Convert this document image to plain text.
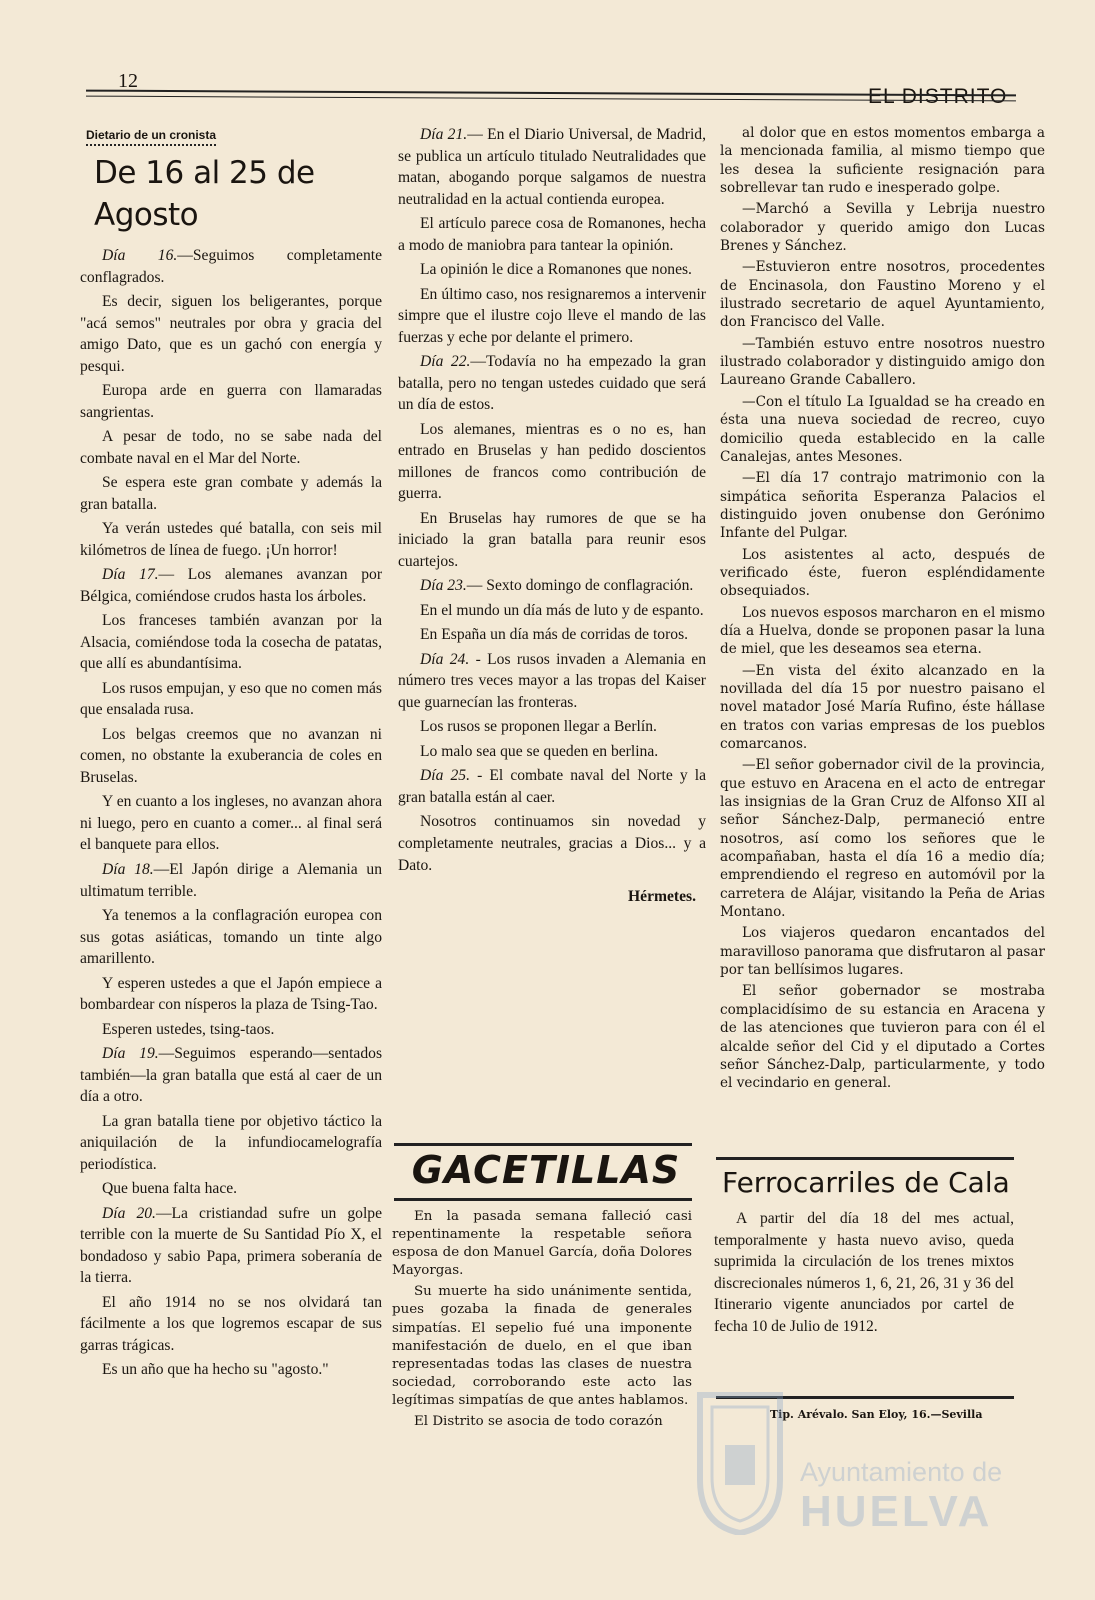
12
EL DISTRITO
Dietario de un cronista
De 16 al 25 de Agosto

Día 16.—Seguimos completamente conflagrados.

Es decir, siguen los beligerantes, porque "acá semos" neutrales por obra y gracia del amigo Dato, que es un gachó con energía y pesqui.

Europa arde en guerra con llamaradas sangrientas.

A pesar de todo, no se sabe nada del combate naval en el Mar del Norte.

Se espera este gran combate y además la gran batalla.

Ya verán ustedes qué batalla, con seis mil kilómetros de línea de fuego. ¡Un horror!

Día 17.— Los alemanes avanzan por Bélgica, comiéndose crudos hasta los árboles.

Los franceses también avanzan por la Alsacia, comiéndose toda la cosecha de patatas, que allí es abundantísima.

Los rusos empujan, y eso que no comen más que ensalada rusa.

Los belgas creemos que no avanzan ni comen, no obstante la exuberancia de coles en Bruselas.

Y en cuanto a los ingleses, no avanzan ahora ni luego, pero en cuanto a comer... al final será el banquete para ellos.

Día 18.—El Japón dirige a Alemania un ultimatum terrible.

Ya tenemos a la conflagración europea con sus gotas asiáticas, tomando un tinte algo amarillento.

Y esperen ustedes a que el Japón empiece a bombardear con nísperos la plaza de Tsing-Tao.

Esperen ustedes, tsing-taos.

Día 19.—Seguimos esperando—sentados también—la gran batalla que está al caer de un día a otro.

La gran batalla tiene por objetivo táctico la aniquilación de la infundiocamelografía periodística.

Que buena falta hace.

Día 20.—La cristiandad sufre un golpe terrible con la muerte de Su Santidad Pío X, el bondadoso y sabio Papa, primera soberanía de la tierra.

El año 1914 no se nos olvidará tan fácilmente a los que logremos escapar de sus garras trágicas.

Es un año que ha hecho su "agosto."

Día 21.— En el Diario Universal, de Madrid, se publica un artículo titulado Neutralidades que matan, abogando porque salgamos de nuestra neutralidad en la actual contienda europea.

El artículo parece cosa de Romanones, hecha a modo de maniobra para tantear la opinión.

La opinión le dice a Romanones que nones.

En último caso, nos resignaremos a intervenir simpre que el ilustre cojo lleve el mando de las fuerzas y eche por delante el primero.

Día 22.—Todavía no ha empezado la gran batalla, pero no tengan ustedes cuidado que será un día de estos.

Los alemanes, mientras es o no es, han entrado en Bruselas y han pedido doscientos millones de francos como contribución de guerra.

En Bruselas hay rumores de que se ha iniciado la gran batalla para reunir esos cuartejos.

Día 23.— Sexto domingo de conflagración.

En el mundo un día más de luto y de espanto.

En España un día más de corridas de toros.

Día 24. - Los rusos invaden a Alemania en número tres veces mayor a las tropas del Kaiser que guarnecían las fronteras.

Los rusos se proponen llegar a Berlín.

Lo malo sea que se queden en berlina.

Día 25. - El combate naval del Norte y la gran batalla están al caer.

Nosotros continuamos sin novedad y completamente neutrales, gracias a Dios... y a Dato.

Hérmetes.

al dolor que en estos momentos embarga a la mencionada familia, al mismo tiempo que les desea la suficiente resignación para sobrellevar tan rudo e inesperado golpe.

—Marchó a Sevilla y Lebrija nuestro colaborador y querido amigo don Lucas Brenes y Sánchez.

—Estuvieron entre nosotros, procedentes de Encinasola, don Faustino Moreno y el ilustrado secretario de aquel Ayuntamiento, don Francisco del Valle.

—También estuvo entre nosotros nuestro ilustrado colaborador y distinguido amigo don Laureano Grande Caballero.

—Con el título La Igualdad se ha creado en ésta una nueva sociedad de recreo, cuyo domicilio queda establecido en la calle Canalejas, antes Mesones.

—El día 17 contrajo matrimonio con la simpática señorita Esperanza Palacios el distinguido joven onubense don Gerónimo Infante del Pulgar.

Los asistentes al acto, después de verificado éste, fueron espléndidamente obsequiados.

Los nuevos esposos marcharon en el mismo día a Huelva, donde se proponen pasar la luna de miel, que les deseamos sea eterna.

—En vista del éxito alcanzado en la novillada del día 15 por nuestro paisano el novel matador José María Rufino, éste hállase en tratos con varias empresas de los pueblos comarcanos.

—El señor gobernador civil de la provincia, que estuvo en Aracena en el acto de entregar las insignias de la Gran Cruz de Alfonso XII al señor Sánchez-Dalp, permaneció entre nosotros, así como los señores que le acompañaban, hasta el día 16 a medio día; emprendiendo el regreso en automóvil por la carretera de Alájar, visitando la Peña de Arias Montano.

Los viajeros quedaron encantados del maravilloso panorama que disfrutaron al pasar por tan bellísimos lugares.

El señor gobernador se mostraba complacidísimo de su estancia en Aracena y de las atenciones que tuvieron para con él el alcalde señor del Cid y el diputado a Cortes señor Sánchez-Dalp, particularmente, y todo el vecindario en general.

GACETILLAS

En la pasada semana falleció casi repentinamente la respetable señora esposa de don Manuel García, doña Dolores Mayorgas.

Su muerte ha sido unánimente sentida, pues gozaba la finada de generales simpatías. El sepelio fué una imponente manifestación de duelo, en el que iban representadas todas las clases de nuestra sociedad, corroborando este acto las legítimas simpatías de que antes hablamos.

El Distrito se asocia de todo corazón

Ferrocarriles de Cala

A partir del día 18 del mes actual, temporalmente y hasta nuevo aviso, queda suprimida la circulación de los trenes mixtos discrecionales números 1, 6, 21, 26, 31 y 36 del Itinerario vigente anunciados por cartel de fecha 10 de Julio de 1912.

Tip. Arévalo. San Eloy, 16.—Sevilla
Ayuntamiento de
HUELVA
